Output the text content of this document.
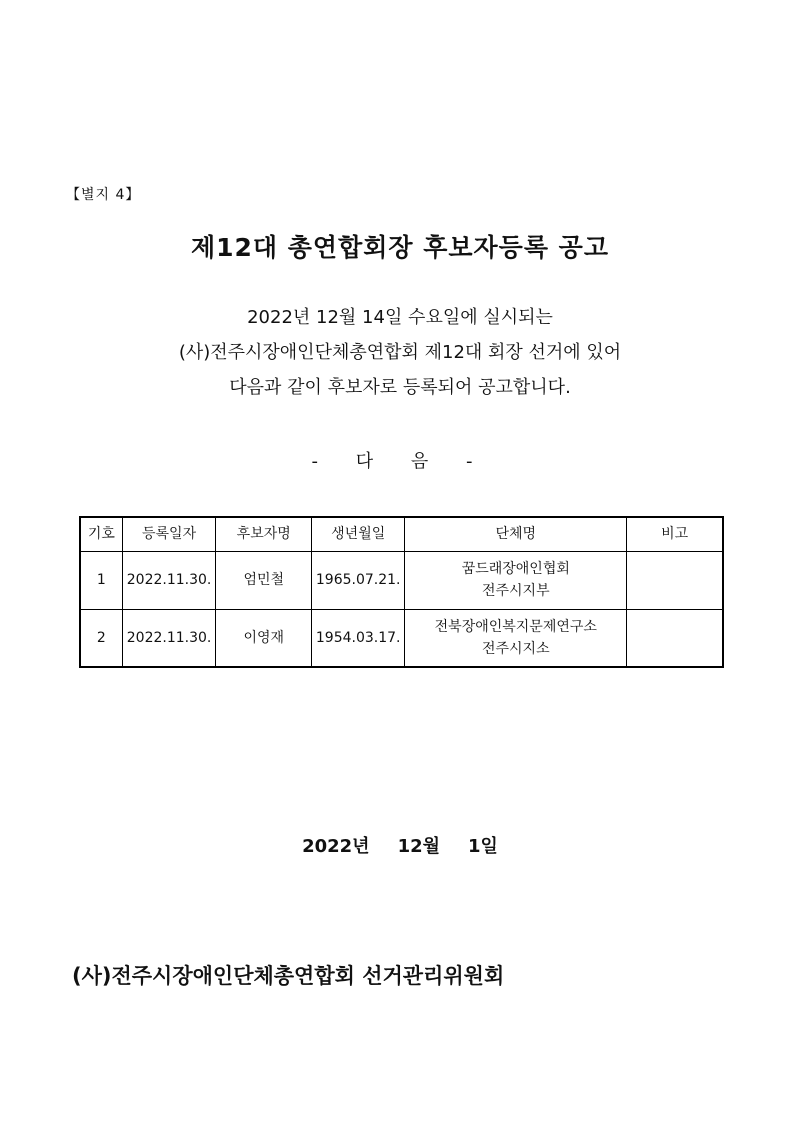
【별지 4】
제12대 총연합회장 후보자등록 공고
2022년 12월 14일 수요일에 실시되는
(사)전주시장애인단체총연합회 제12대 회장 선거에 있어
다음과 같이 후보자로 등록되어 공고합니다.
- 다 음 -
기호	등록일자	후보자명	생년월일	단체명	비고
1	2022.11.30.	엄민철	1965.07.21.	꿈드래장애인협회
전주시지부	

2	2022.11.30.	이영재	1954.03.17.	전북장애인복지문제연구소
전주시지소	

2022년 12월 1일
(사)전주시장애인단체총연합회 선거관리위원회
